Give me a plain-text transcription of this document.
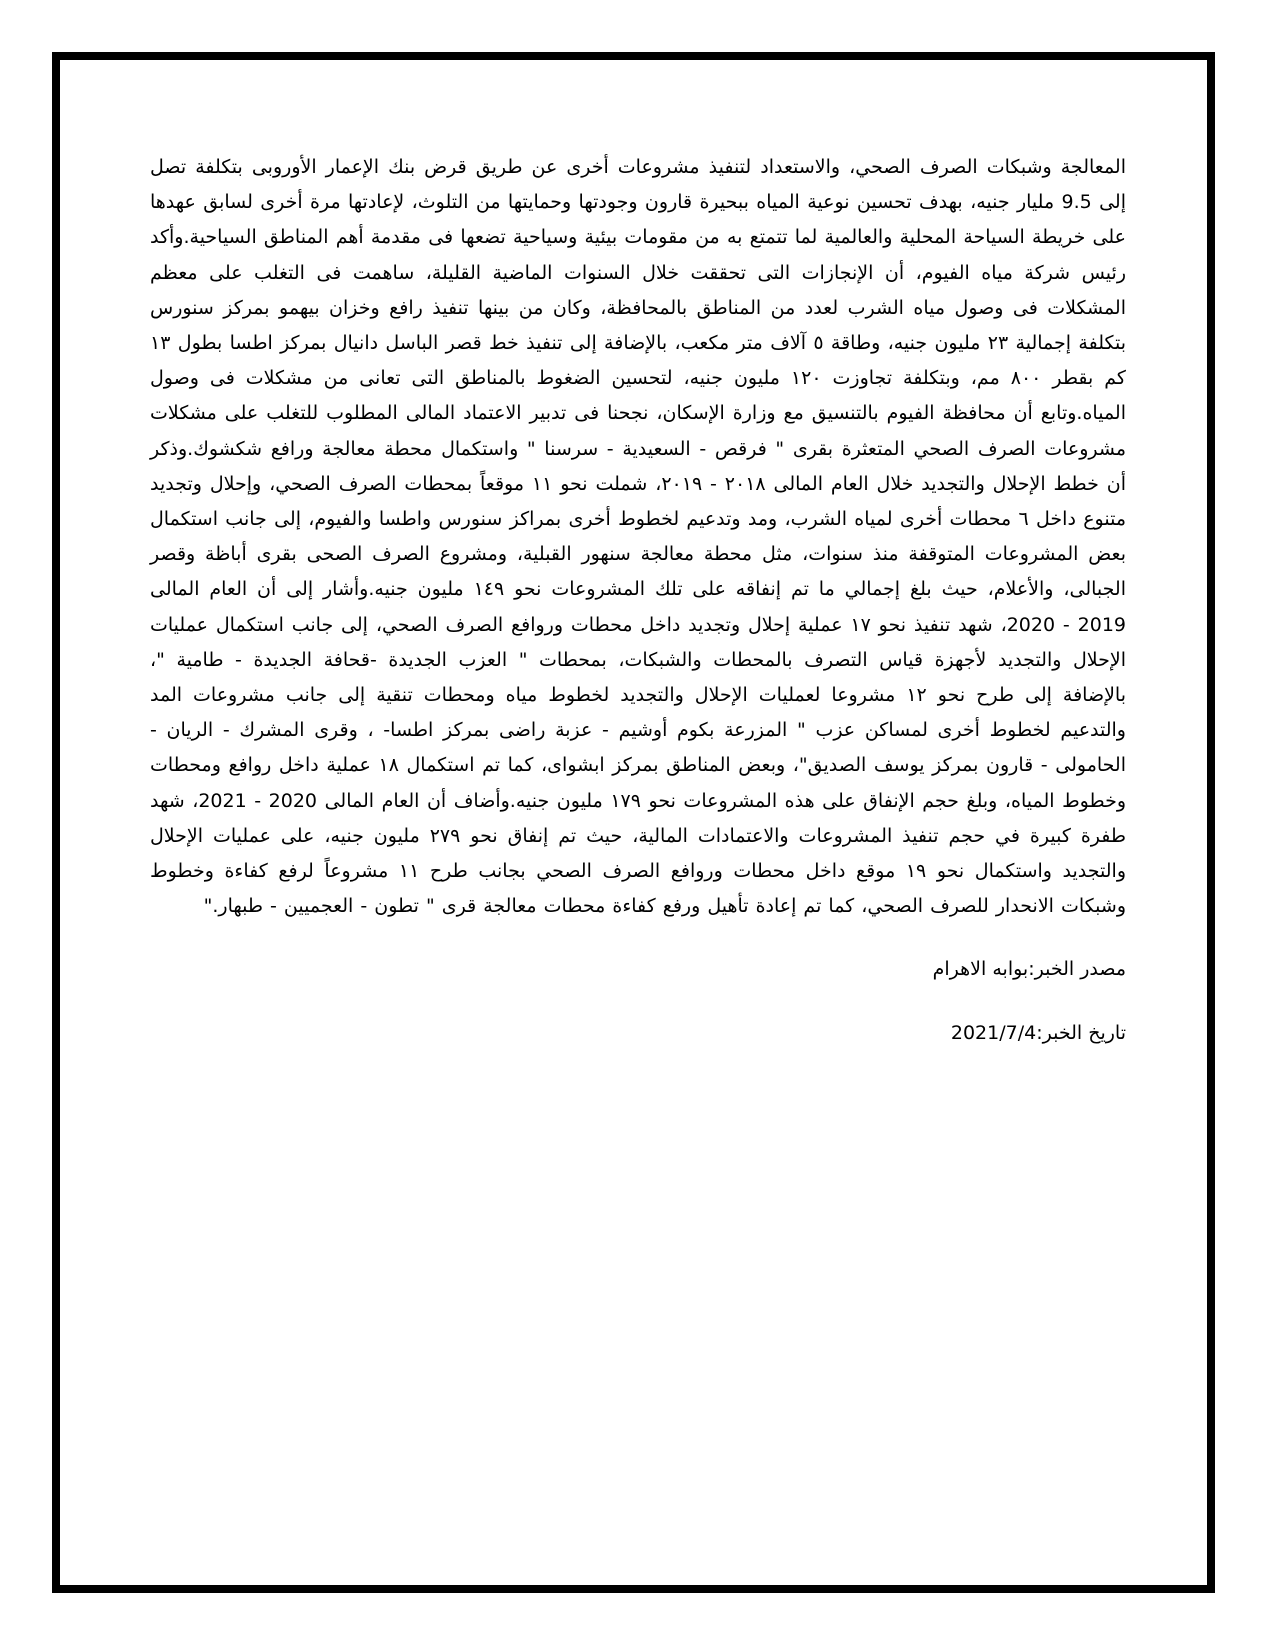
المعالجة وشبكات الصرف الصحي، والاستعداد لتنفيذ مشروعات أخرى عن طريق قرض بنك الإعمار الأوروبى بتكلفة تصل إلى 9.5 مليار جنيه، بهدف تحسين نوعية المياه ببحيرة قارون وجودتها وحمايتها من التلوث، لإعادتها مرة أخرى لسابق عهدها على خريطة السياحة المحلية والعالمية لما تتمتع به من مقومات بيئية وسياحية تضعها فى مقدمة أهم المناطق السياحية.وأكد رئيس شركة مياه الفيوم، أن الإنجازات التى تحققت خلال السنوات الماضية القليلة، ساهمت فى التغلب على معظم المشكلات فى وصول مياه الشرب لعدد من المناطق بالمحافظة، وكان من بينها تنفيذ رافع وخزان بيهمو بمركز سنورس بتكلفة إجمالية ٢٣ مليون جنيه، وطاقة ٥ آلاف متر مكعب، بالإضافة إلى تنفيذ خط قصر الباسل دانيال بمركز اطسا بطول ١٣ كم بقطر ٨٠٠ مم، وبتكلفة تجاوزت ١٢٠ مليون جنيه، لتحسين الضغوط بالمناطق التى تعانى من مشكلات فى وصول المياه.وتابع أن محافظة الفيوم بالتنسيق مع وزارة الإسكان، نجحنا فى تدبير الاعتماد المالى المطلوب للتغلب على مشكلات مشروعات الصرف الصحي المتعثرة بقرى " فرقص - السعيدية - سرسنا " واستكمال محطة معالجة ورافع شكشوك.وذكر أن خطط الإحلال والتجديد خلال العام المالى ٢٠١٨ - ٢٠١٩، شملت نحو ١١ موقعاً بمحطات الصرف الصحي، وإحلال وتجديد متنوع داخل ٦ محطات أخرى لمياه الشرب، ومد وتدعيم لخطوط أخرى بمراكز سنورس واطسا والفيوم، إلى جانب استكمال بعض المشروعات المتوقفة منذ سنوات، مثل محطة معالجة سنهور القبلية، ومشروع الصرف الصحى بقرى أباظة وقصر الجبالى، والأعلام، حيث بلغ إجمالي ما تم إنفاقه على تلك المشروعات نحو ١٤٩ مليون جنيه.وأشار إلى أن العام المالى 2019 - 2020، شهد تنفيذ نحو ١٧ عملية إحلال وتجديد داخل محطات وروافع الصرف الصحي، إلى جانب استكمال عمليات الإحلال والتجديد لأجهزة قياس التصرف بالمحطات والشبكات، بمحطات " العزب الجديدة -قحافة الجديدة - طامية "، بالإضافة إلى طرح نحو ١٢ مشروعا لعمليات الإحلال والتجديد لخطوط مياه ومحطات تنقية إلى جانب مشروعات المد والتدعيم لخطوط أخرى لمساكن عزب " المزرعة بكوم أوشيم - عزبة راضى بمركز اطسا- ، وقرى المشرك - الريان - الحامولى - قارون بمركز يوسف الصديق"، وبعض المناطق بمركز ابشواى، كما تم استكمال ١٨ عملية داخل روافع ومحطات وخطوط المياه، وبلغ حجم الإنفاق على هذه المشروعات نحو ١٧٩ مليون جنيه.وأضاف أن العام المالى 2020 - 2021، شهد طفرة كبيرة في حجم تنفيذ المشروعات والاعتمادات المالية، حيث تم إنفاق نحو ٢٧٩ مليون جنيه، على عمليات الإحلال والتجديد واستكمال نحو ١٩ موقع داخل محطات وروافع الصرف الصحي بجانب طرح ١١ مشروعاً لرفع كفاءة وخطوط وشبكات الانحدار للصرف الصحي، كما تم إعادة تأهيل ورفع كفاءة محطات معالجة قرى " تطون - العجميين - طبهار."

مصدر الخبر:بوابه الاهرام

تاريخ الخبر:2021/7/4
